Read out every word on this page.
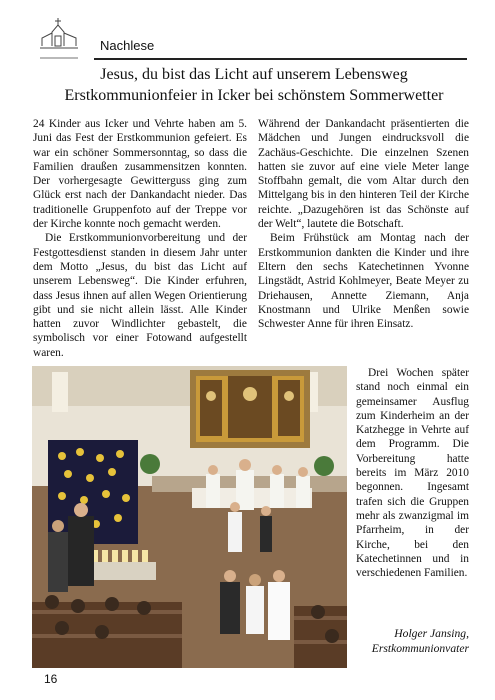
Nachlese
Jesus, du bist das Licht auf unserem Lebensweg
Erstkommunionfeier in Icker bei schönstem Sommerwetter

24 Kinder aus Icker und Vehrte haben am 5. Juni das Fest der Erstkommunion gefeiert. Es war ein schöner Sommersonntag, so dass die Familien draußen zusammensitzen konnten. Der vorhergesagte Gewitterguss ging zum Glück erst nach der Dankandacht nieder. Das traditionelle Gruppenfoto auf der Treppe vor der Kirche konnte noch gemacht werden.

Die Erstkommunionvorbereitung und der Festgottesdienst standen in diesem Jahr unter dem Motto „Jesus, du bist das Licht auf unserem Lebensweg“. Die Kinder erfuhren, dass Jesus ihnen auf allen Wegen Orientierung gibt und sie nicht allein lässt. Alle Kinder hatten zuvor Windlichter gebastelt, die symbolisch vor einer Fotowand aufgestellt waren.

Während der Dankandacht präsentierten die Mädchen und Jungen eindrucksvoll die Zachäus-Geschichte. Die einzelnen Szenen hatten sie zuvor auf eine viele Meter lange Stoffbahn gemalt, die vom Altar durch den Mittelgang bis in den hinteren Teil der Kirche reichte. „Dazugehören ist das Schönste auf der Welt“, lautete die Botschaft.

Beim Frühstück am Montag nach der Erstkommunion dankten die Kinder und ihre Eltern den sechs Katechetinnen Yvonne Lingstädt, Astrid Kohlmeyer, Beate Meyer zu Driehausen, Annette Ziemann, Anja Knostmann und Ulrike Menßen sowie Schwester Anne für ihren Einsatz.

Drei Wochen später stand noch einmal ein gemeinsamer Ausflug zum Kinderheim an der Katzhegge in Vehrte auf dem Programm. Die Vorbereitung hatte bereits im März 2010 begonnen. Ingesamt trafen sich die Gruppen mehr als zwanzigmal im Pfarrheim, in der Kirche, bei den Katechetinnen und in verschiedenen Familien.

Holger Jansing,
Erstkommunionvater
16
